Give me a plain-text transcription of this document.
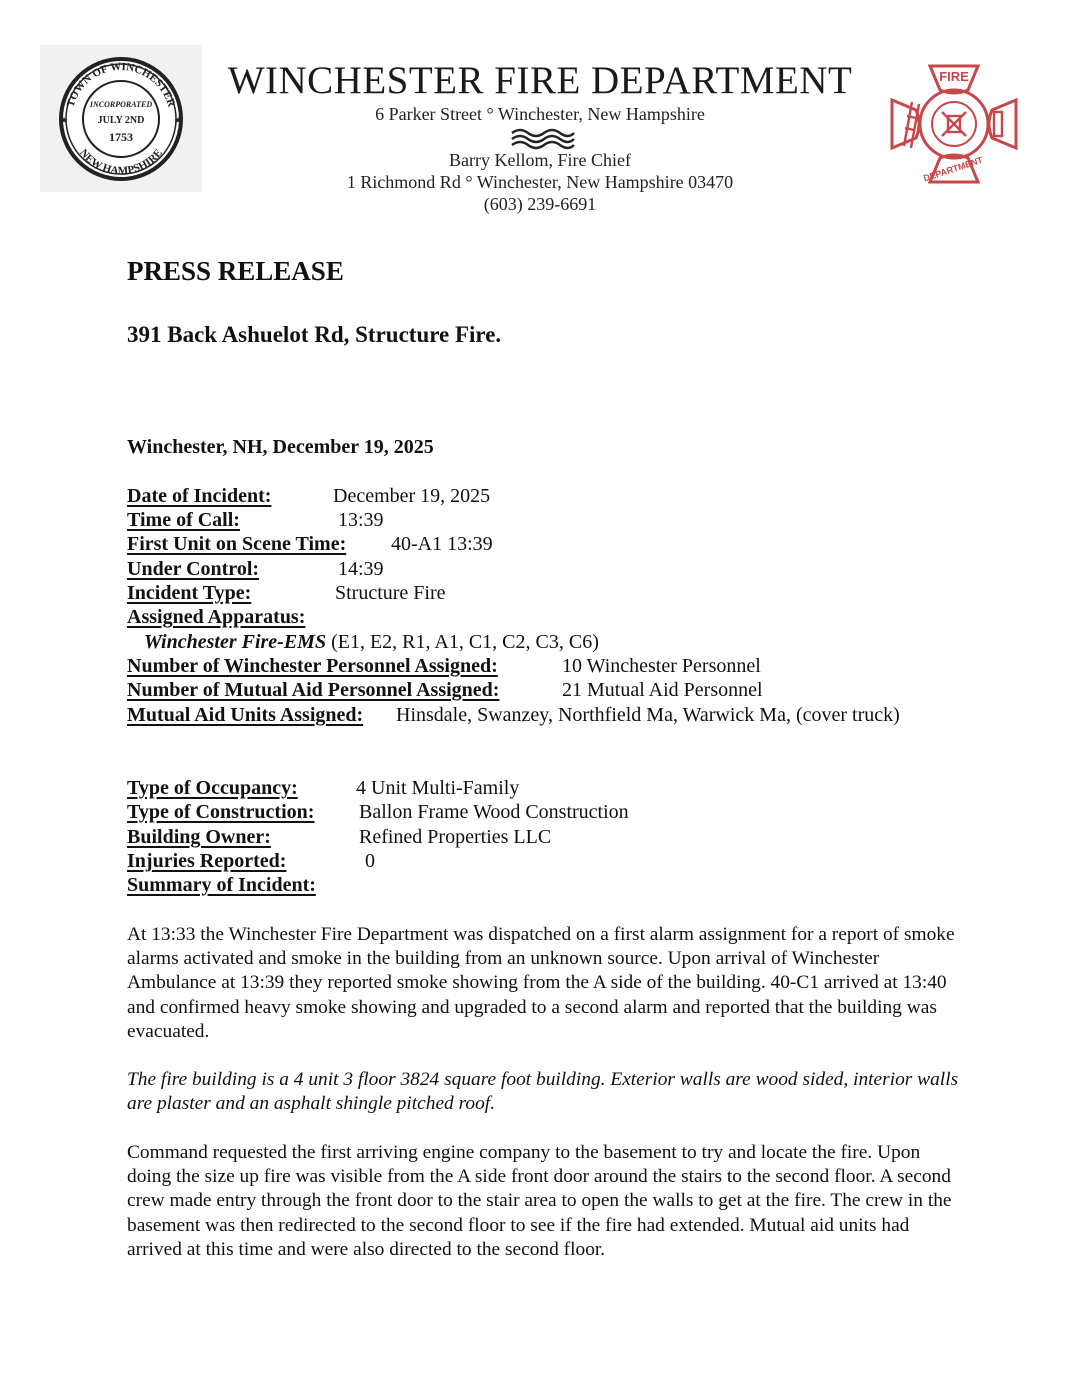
TOWN OF WINCHESTER
NEW HAMPSHIRE
INCORPORATED
JULY 2ND
1753
★	★
WINCHESTER FIRE DEPARTMENT
6 Parker Street ° Winchester, New Hampshire
Barry Kellom, Fire Chief
1 Richmond Rd ° Winchester, New Hampshire 03470
(603) 239-6691
FIRE
DEPARTMENT
PRESS RELEASE
391 Back Ashuelot Rd, Structure Fire.
Winchester, NH, December 19, 2025
Date of Incident:	December 19, 2025
Time of Call:	13:39
First Unit on Scene Time: 40-A1 13:39
Under Control:	14:39
Incident Type:	Structure Fire
Assigned Apparatus:
Winchester Fire-EMS (E1, E2, R1, A1, C1, C2, C3, C6)
Number of Winchester Personnel Assigned:	10 Winchester Personnel
Number of Mutual Aid Personnel Assigned:	21 Mutual Aid Personnel
Mutual Aid Units Assigned: Hinsdale, Swanzey, Northfield Ma, Warwick Ma, (cover truck)
Type of Occupancy:	4 Unit Multi-Family
Type of Construction: Ballon Frame Wood Construction
Building Owner:	Refined Properties LLC
Injuries Reported:	0
Summary of Incident:
At 13:33 the Winchester Fire Department was dispatched on a first alarm assignment for a report of smoke alarms activated and smoke in the building from an unknown source. Upon arrival of Winchester Ambulance at 13:39 they reported smoke showing from the A side of the building. 40-C1 arrived at 13:40 and confirmed heavy smoke showing and upgraded to a second alarm and reported that the building was evacuated.
The fire building is a 4 unit 3 floor 3824 square foot building. Exterior walls are wood sided, interior walls are plaster and an asphalt shingle pitched roof.
Command requested the first arriving engine company to the basement to try and locate the fire. Upon doing the size up fire was visible from the A side front door around the stairs to the second floor. A second crew made entry through the front door to the stair area to open the walls to get at the fire. The crew in the basement was then redirected to the second floor to see if the fire had extended. Mutual aid units had arrived at this time and were also directed to the second floor.
